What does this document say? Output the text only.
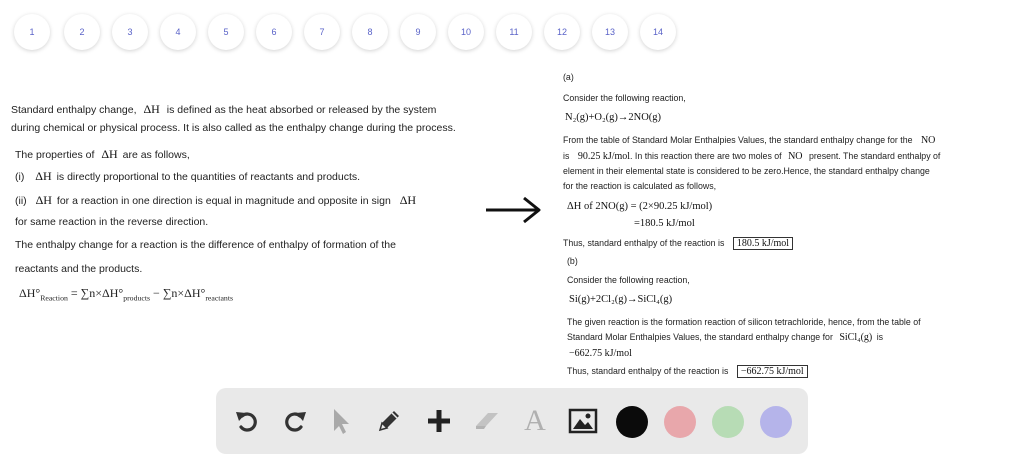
1	2	3	4	5	6	7	8	9	10	11	12	13	14
Standard enthalpy change, ΔH is defined as the heat absorbed or released by the system
during chemical or physical process. It is also called as the enthalpy change during the process.
The properties of ΔH are as follows,
(i) ΔH is directly proportional to the quantities of reactants and products.
(ii) ΔH for a reaction in one direction is equal in magnitude and opposite in sign ΔH
for same reaction in the reverse direction.
The enthalpy change for a reaction is the difference of enthalpy of formation of the
reactants and the products.
$\Delta H^\circ_{Reaction} = \sum n\times\Delta H^\circ_{products} - \sum n\times\Delta H^\circ_{reactants}$
(a)
Consider the following reaction,
N₂(g)+O₂(g)→2NO(g)
From the table of Standard Molar Enthalpies Values, the standard enthalpy change for the NO
is 90.25 kJ/mol. In this reaction there are two moles of NO present. The standard enthalpy of
element in their elemental state is considered to be zero.Hence, the standard enthalpy change
for the reaction is calculated as follows,
ΔH of 2NO(g) = (2×90.25 kJ/mol)
=180.5 kJ/mol
Thus, standard enthalpy of the reaction is 180.5 kJ/mol
(b)
Consider the following reaction,
Si(g)+2Cl₂(g)→SiCl₄(g)
The given reaction is the formation reaction of silicon tetrachloride, hence, from the table of
Standard Molar Enthalpies Values, the standard enthalpy change for SiCl₄(g) is
−662.75 kJ/mol
Thus, standard enthalpy of the reaction is −662.75 kJ/mol
A
